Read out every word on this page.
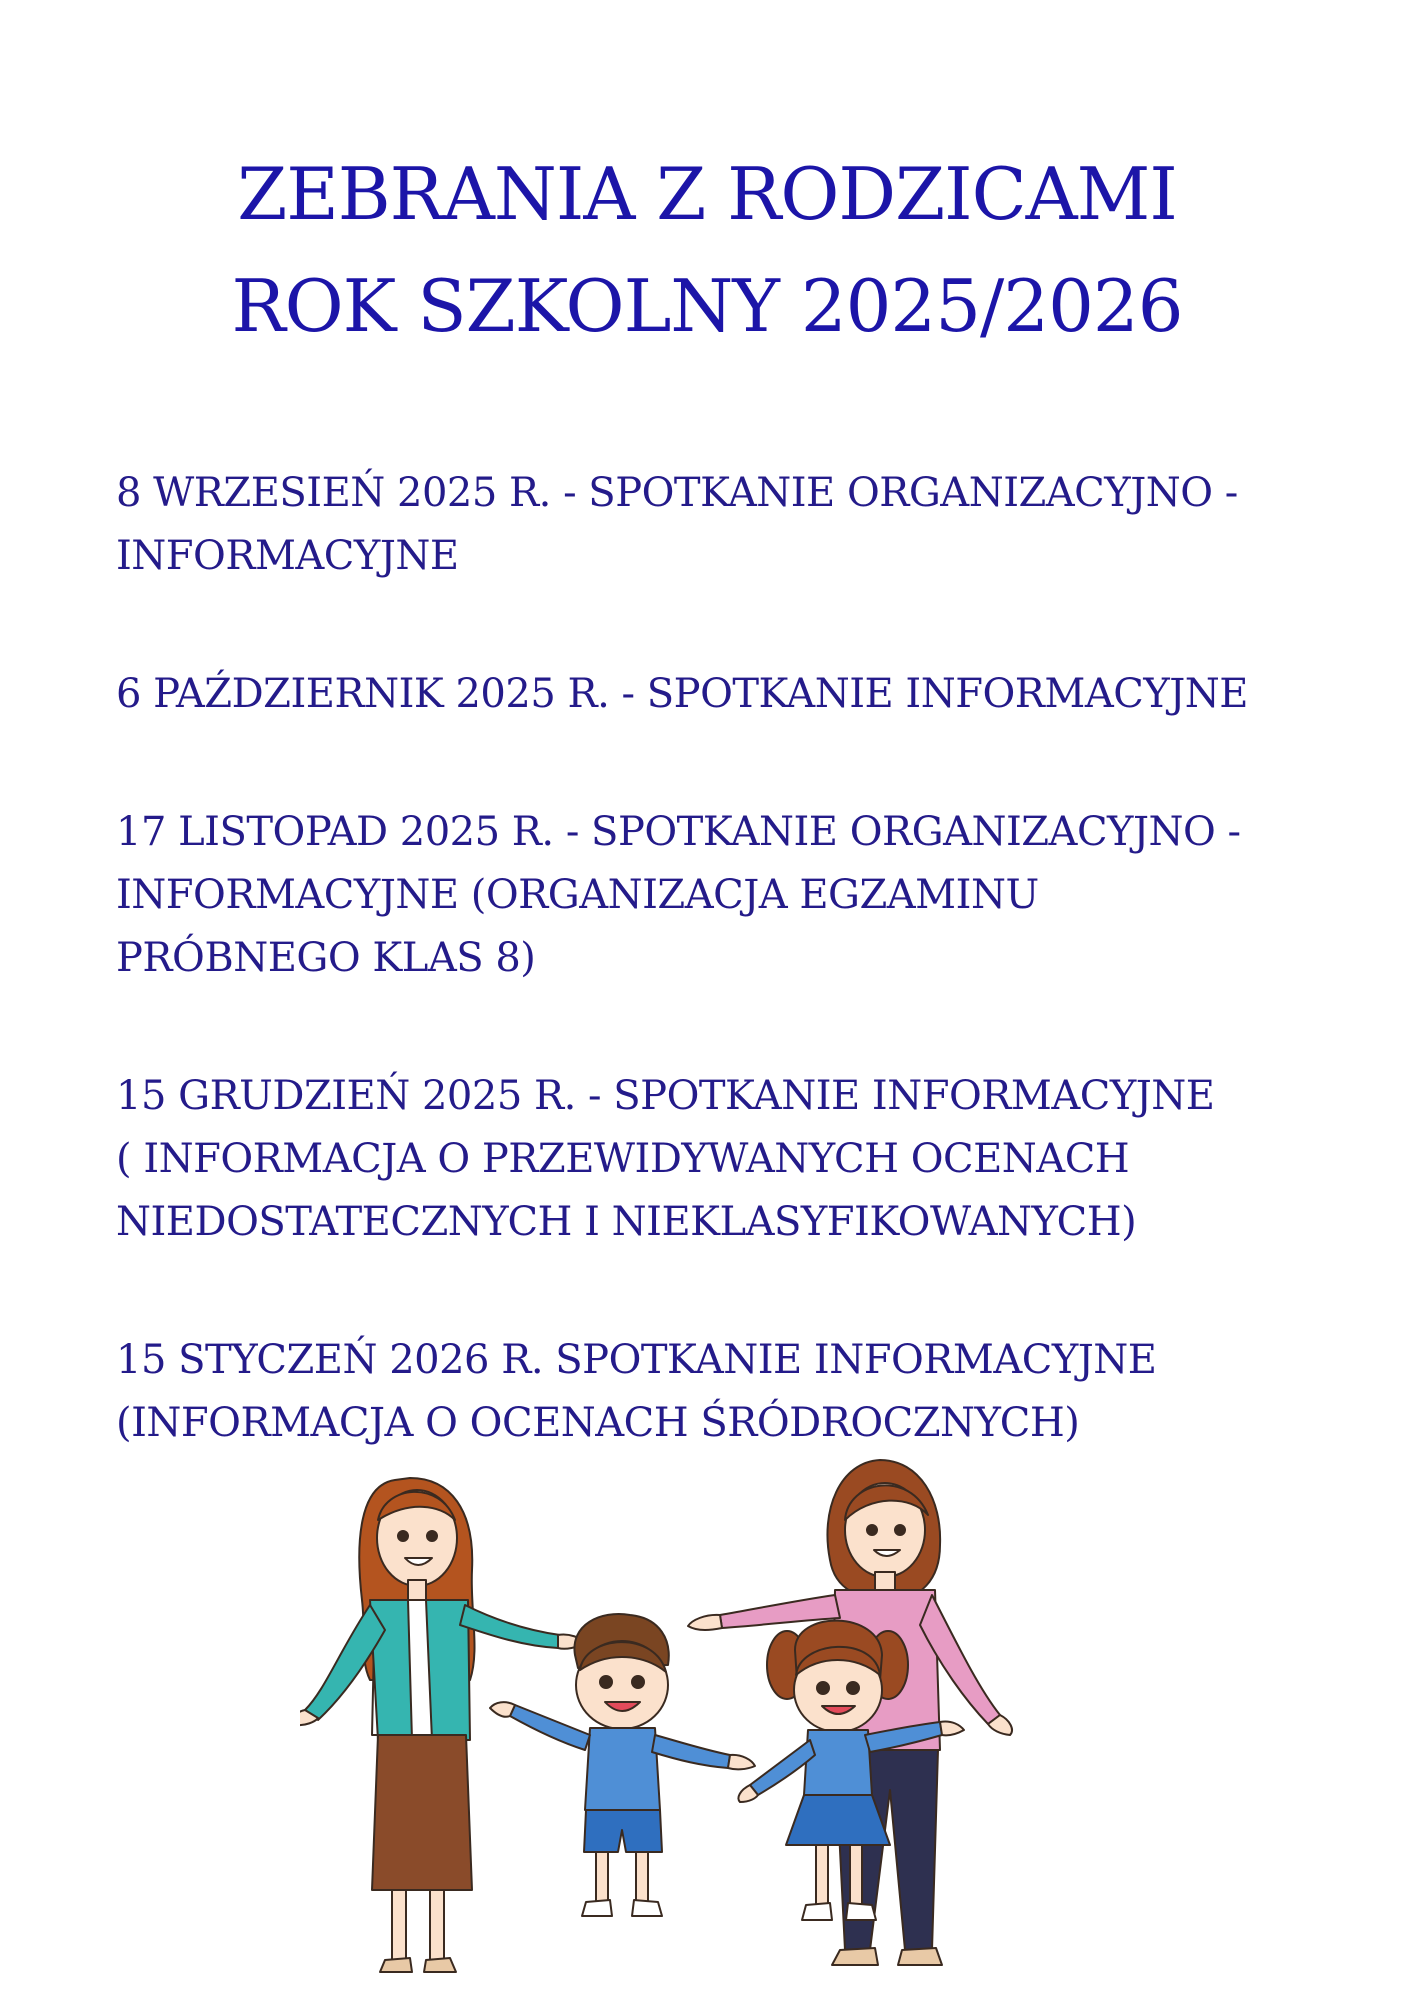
ZEBRANIA Z RODZICAMI
ROK SZKOLNY 2025/2026
8 WRZESIEŃ 2025 R. - SPOTKANIE ORGANIZACYJNO -
INFORMACYJNE
6 PAŹDZIERNIK 2025 R. - SPOTKANIE INFORMACYJNE
17 LISTOPAD 2025 R. - SPOTKANIE ORGANIZACYJNO -
INFORMACYJNE (ORGANIZACJA EGZAMINU
PRÓBNEGO KLAS 8)
15 GRUDZIEŃ 2025 R. - SPOTKANIE INFORMACYJNE
( INFORMACJA O PRZEWIDYWANYCH OCENACH
NIEDOSTATECZNYCH I NIEKLASYFIKOWANYCH)
15 STYCZEŃ 2026 R. SPOTKANIE INFORMACYJNE
(INFORMACJA O OCENACH ŚRÓDROCZNYCH)
